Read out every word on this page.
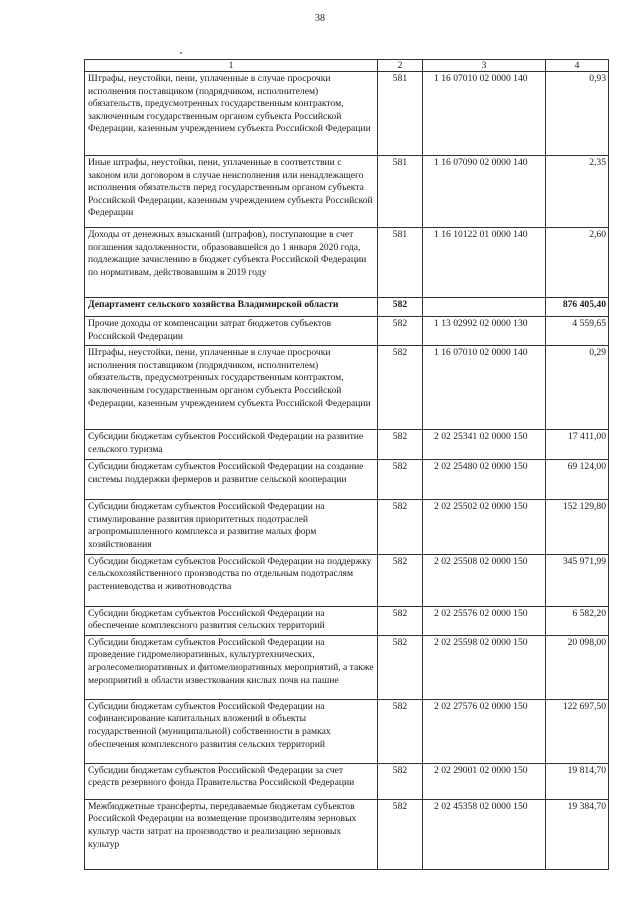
38
1	2	3	4
Штрафы, неустойки, пени, уплаченные в случае просрочки исполнения поставщиком (подрядчиком, исполнителем) обязательств, предусмотренных государственным контрактом, заключенным государственным органом субъекта Российской Федерации, казенным учреждением субъекта Российской Федерации	581	1 16 07010 02 0000 140	0,93
Иные штрафы, неустойки, пени, уплаченные в соответствии с законом или договором в случае неисполнения или ненадлежащего исполнения обязательств перед государственным органом субъекта Российской Федерации, казенным учреждением субъекта Российской Федерации	581	1 16 07090 02 0000 140	2,35
Доходы от денежных взысканий (штрафов), поступающие в счет погашения задолженности, образовавшейся до 1 января 2020 года, подлежащие зачислению в бюджет субъекта Российской Федерации по нормативам, действовавшим в 2019 году	581	1 16 10122 01 0000 140	2,60
Департамент сельского хозяйства Владимирской области	582		876 405,40
Прочие доходы от компенсации затрат бюджетов субъектов Российской Федерации	582	1 13 02992 02 0000 130	4 559,65
Штрафы, неустойки, пени, уплаченные в случае просрочки исполнения поставщиком (подрядчиком, исполнителем) обязательств, предусмотренных государственным контрактом, заключенным государственным органом субъекта Российской Федерации, казенным учреждением субъекта Российской Федерации	582	1 16 07010 02 0000 140	0,29
Субсидии бюджетам субъектов Российской Федерации на развитие сельского туризма	582	2 02 25341 02 0000 150	17 411,00
Субсидии бюджетам субъектов Российской Федерации на создание системы поддержки фермеров и развитие сельской кооперации	582	2 02 25480 02 0000 150	69 124,00
Субсидии бюджетам субъектов Российской Федерации на стимулирование развития приоритетных подотраслей агропромышленного комплекса и развитие малых форм хозяйствования	582	2 02 25502 02 0000 150	152 129,80
Субсидии бюджетам субъектов Российской Федерации на поддержку сельскохозяйственного производства по отдельным подотраслям растениеводства и животноводства	582	2 02 25508 02 0000 150	345 971,99
Субсидии бюджетам субъектов Российской Федерации на обеспечение комплексного развития сельских территорий	582	2 02 25576 02 0000 150	6 582,20
Субсидии бюджетам субъектов Российской Федерации на проведение гидромелиоративных, культуртехнических, агролесомелиоративных и фитомелиоративных мероприятий, а также мероприятий в области известкования кислых почв на пашне	582	2 02 25598 02 0000 150	20 098,00
Субсидии бюджетам субъектов Российской Федерации на софинансирование капитальных вложений в объекты государственной (муниципальной) собственности в рамках обеспечения комплексного развития сельских территорий	582	2 02 27576 02 0000 150	122 697,50
Субсидии бюджетам субъектов Российской Федерации за счет средств резервного фонда Правительства Российской Федерации	582	2 02 29001 02 0000 150	19 814,70
Межбюджетные трансферты, передаваемые бюджетам субъектов Российской Федерации на возмещение производителям зерновых культур части затрат на производство и реализацию зерновых культур	582	2 02 45358 02 0000 150	19 384,70
